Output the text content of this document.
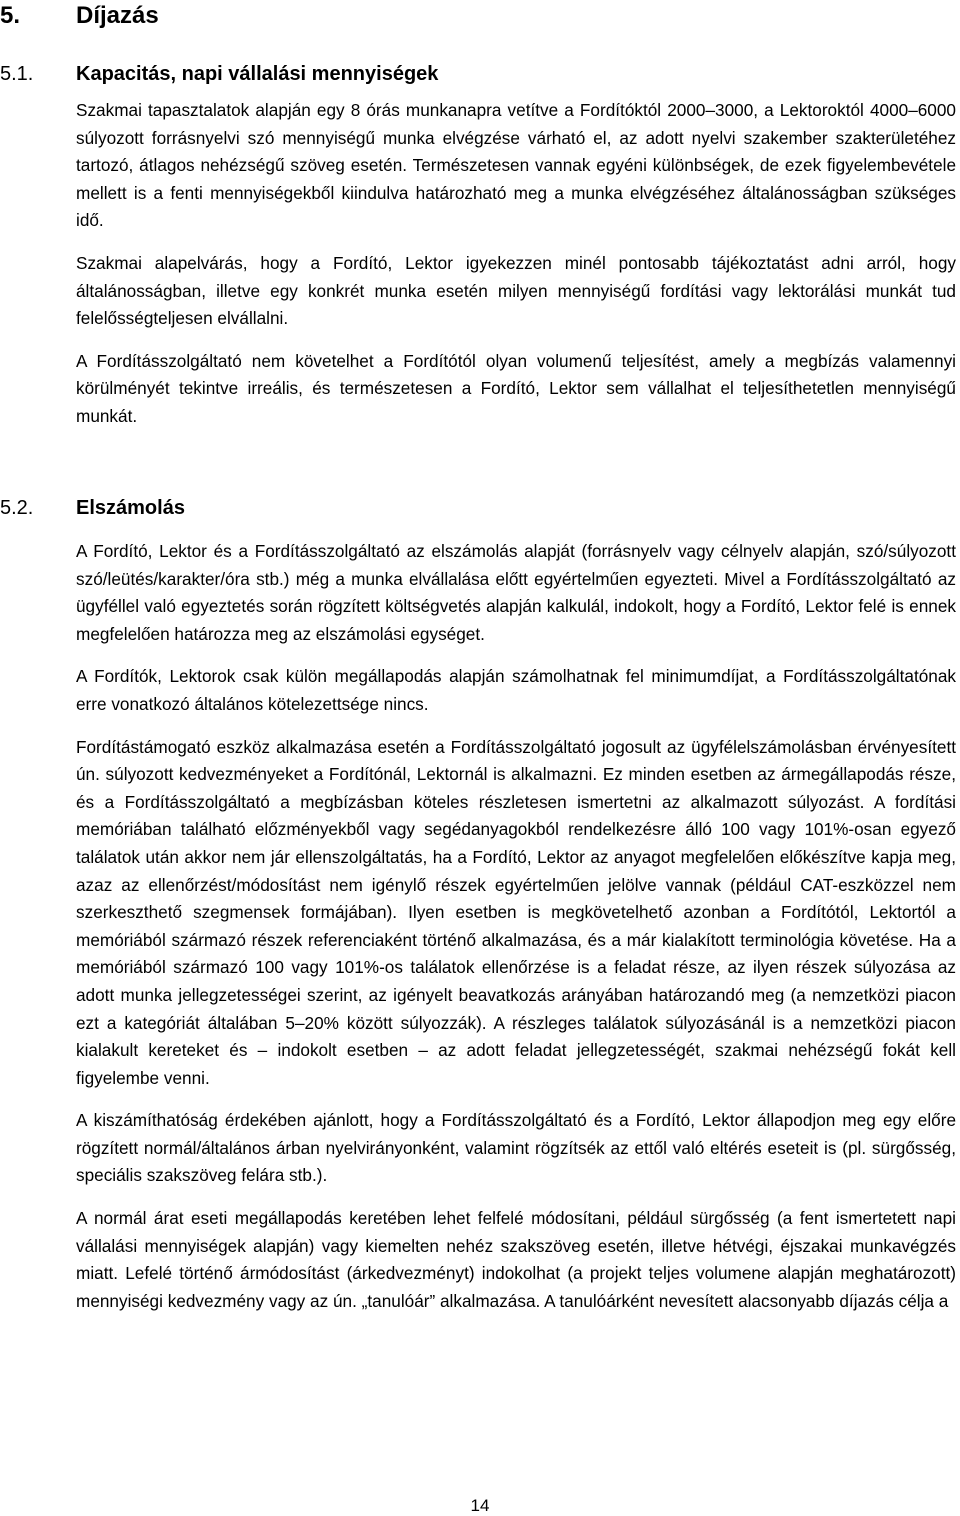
5.	Díjazás
5.1.	Kapacitás, napi vállalási mennyiségek

Szakmai tapasztalatok alapján egy 8 órás munkanapra vetítve a Fordítóktól 2000–3000, a Lektoroktól 4000–6000 súlyozott forrásnyelvi szó mennyiségű munka elvégzése várható el, az adott nyelvi szakember szakterületéhez tartozó, átlagos nehézségű szöveg esetén. Természetesen vannak egyéni különbségek, de ezek figyelembevétele mellett is a fenti mennyiségekből kiindulva határozható meg a munka elvégzéséhez általánosságban szükséges idő.

Szakmai alapelvárás, hogy a Fordító, Lektor igyekezzen minél pontosabb tájékoztatást adni arról, hogy általánosságban, illetve egy konkrét munka esetén milyen mennyiségű fordítási vagy lektorálási munkát tud felelősségteljesen elvállalni.

A Fordításszolgáltató nem követelhet a Fordítótól olyan volumenű teljesítést, amely a megbízás valamennyi körülményét tekintve irreális, és természetesen a Fordító, Lektor sem vállalhat el teljesíthetetlen mennyiségű munkát.

5.2.	Elszámolás

A Fordító, Lektor és a Fordításszolgáltató az elszámolás alapját (forrásnyelv vagy célnyelv alapján, szó/súlyozott szó/leütés/karakter/óra stb.) még a munka elvállalása előtt egyértelműen egyezteti. Mivel a Fordításszolgáltató az ügyféllel való egyeztetés során rögzített költségvetés alapján kalkulál, indokolt, hogy a Fordító, Lektor felé is ennek megfelelően határozza meg az elszámolási egységet.

A Fordítók, Lektorok csak külön megállapodás alapján számolhatnak fel minimumdíjat, a Fordításszolgáltatónak erre vonatkozó általános kötelezettsége nincs.

Fordítástámogató eszköz alkalmazása esetén a Fordításszolgáltató jogosult az ügyfélelszámolásban érvényesített ún. súlyozott kedvezményeket a Fordítónál, Lektornál is alkalmazni. Ez minden esetben az ármegállapodás része, és a Fordításszolgáltató a megbízásban köteles részletesen ismertetni az alkalmazott súlyozást. A fordítási memóriában található előzményekből vagy segédanyagokból rendelkezésre álló 100 vagy 101%-osan egyező találatok után akkor nem jár ellenszolgáltatás, ha a Fordító, Lektor az anyagot megfelelően előkészítve kapja meg, azaz az ellenőrzést/módosítást nem igénylő részek egyértelműen jelölve vannak (például CAT-eszközzel nem szerkeszthető szegmensek formájában). Ilyen esetben is megkövetelhető azonban a Fordítótól, Lektortól a memóriából származó részek referenciaként történő alkalmazása, és a már kialakított terminológia követése. Ha a memóriából származó 100 vagy 101%-os találatok ellenőrzése is a feladat része, az ilyen részek súlyozása az adott munka jellegzetességei szerint, az igényelt beavatkozás arányában határozandó meg (a nemzetközi piacon ezt a kategóriát általában 5–20% között súlyozzák). A részleges találatok súlyozásánál is a nemzetközi piacon kialakult kereteket és – indokolt esetben – az adott feladat jellegzetességét, szakmai nehézségű fokát kell figyelembe venni.

A kiszámíthatóság érdekében ajánlott, hogy a Fordításszolgáltató és a Fordító, Lektor állapodjon meg egy előre rögzített normál/általános árban nyelvirányonként, valamint rögzítsék az ettől való eltérés eseteit is (pl. sürgősség, speciális szakszöveg felára stb.).

A normál árat eseti megállapodás keretében lehet felfelé módosítani, például sürgősség (a fent ismertetett napi vállalási mennyiségek alapján) vagy kiemelten nehéz szakszöveg esetén, illetve hétvégi, éjszakai munkavégzés miatt. Lefelé történő ármódosítást (árkedvezményt) indokolhat (a projekt teljes volumene alapján meghatározott) mennyiségi kedvezmény vagy az ún. „tanulóár” alkalmazása. A tanulóárként nevesített alacsonyabb díjazás célja a

14
